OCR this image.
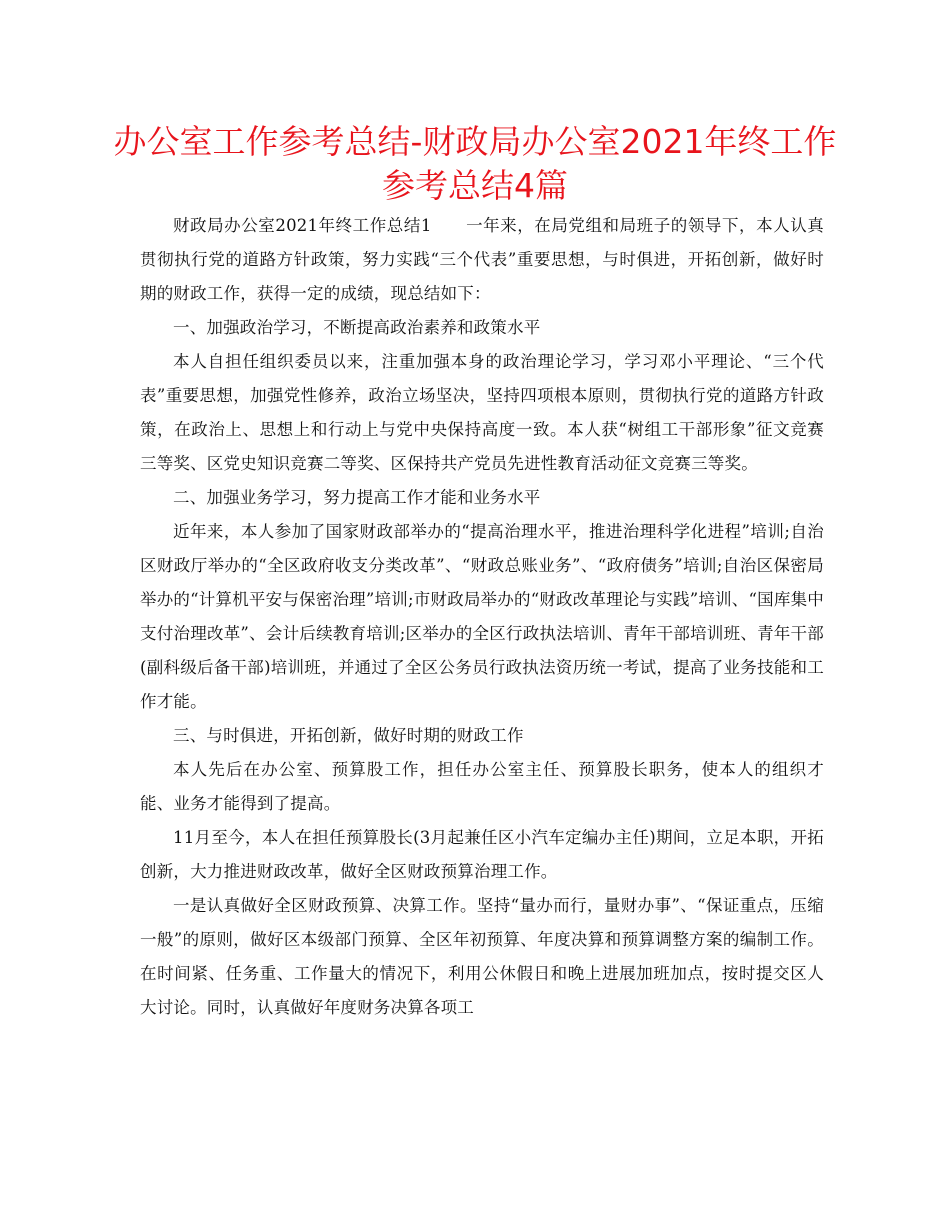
办公室工作参考总结-财政局办公室2021年终工作参考总结4篇

财政局办公室2021年终工作总结1　　一年来，在局党组和局班子的领导下，本人认真贯彻执行党的道路方针政策，努力实践“三个代表”重要思想，与时俱进，开拓创新，做好时期的财政工作，获得一定的成绩，现总结如下：

一、加强政治学习，不断提高政治素养和政策水平

本人自担任组织委员以来，注重加强本身的政治理论学习，学习邓小平理论、“三个代表”重要思想，加强党性修养，政治立场坚决，坚持四项根本原则，贯彻执行党的道路方针政策，在政治上、思想上和行动上与党中央保持高度一致。本人获“树组工干部形象”征文竞赛三等奖、区党史知识竞赛二等奖、区保持共产党员先进性教育活动征文竞赛三等奖。

二、加强业务学习，努力提高工作才能和业务水平

近年来，本人参加了国家财政部举办的“提高治理水平，推进治理科学化进程”培训;自治区财政厅举办的“全区政府收支分类改革”、“财政总账业务”、“政府债务”培训;自治区保密局举办的“计算机平安与保密治理”培训;市财政局举办的“财政改革理论与实践”培训、“国库集中支付治理改革”、会计后续教育培训;区举办的全区行政执法培训、青年干部培训班、青年干部(副科级后备干部)培训班，并通过了全区公务员行政执法资历统一考试，提高了业务技能和工作才能。

三、与时俱进，开拓创新，做好时期的财政工作

本人先后在办公室、预算股工作，担任办公室主任、预算股长职务，使本人的组织才能、业务才能得到了提高。

11月至今，本人在担任预算股长(3月起兼任区小汽车定编办主任)期间，立足本职，开拓创新，大力推进财政改革，做好全区财政预算治理工作。

一是认真做好全区财政预算、决算工作。坚持“量办而行，量财办事”、“保证重点，压缩一般”的原则，做好区本级部门预算、全区年初预算、年度决算和预算调整方案的编制工作。在时间紧、任务重、工作量大的情况下，利用公休假日和晚上进展加班加点，按时提交区人大讨论。同时，认真做好年度财务决算各项工
